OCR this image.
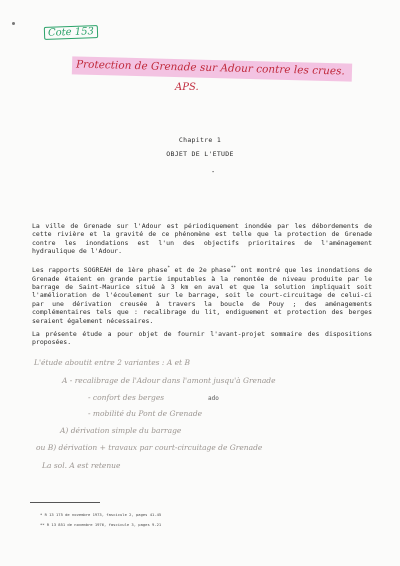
Cote 153
Protection de Grenade sur Adour contre les crues.
APS.
Chapitre 1
OBJET DE L'ETUDE
-

La ville de Grenade sur l'Adour est périodiquement inondée par les débordements de cette rivière et la gravité de ce phénomène est telle que la protection de Grenade contre les inondations est l'un des objectifs prioritaires de l'aménagement hydraulique de l'Adour.

Les rapports SOGREAH de 1ère phase* et de 2e phase** ont montré que les inondations de Grenade étaient en grande partie imputables à la remontée de niveau produite par le barrage de Saint-Maurice situé à 3 km en aval et que la solution impliquait soit l'amélioration de l'écoulement sur le barrage, soit le court-circuitage de celui-ci par une dérivation creusée à travers la boucle de Pouy ; des aménagements complémentaires tels que : recalibrage du lit, endiguement et protection des berges seraient également nécessaires.

La présente étude a pour objet de fournir l'avant-projet sommaire des dispositions proposées.

L'étude aboutit entre 2 variantes : A et B
A - recalibrage de l'Adour dans l'amont jusqu'à Grenade
- confort des berges	ado
- mobilité du Pont de Grenade
A) dérivation simple du barrage
ou B) dérivation + travaux par court-circuitage de Grenade
La sol. A est retenue
* R 13 175 de novembre 1973, fascicule 2, pages 41-45
** R 13 851 de novembre 1976, fascicule 3, pages 9-21
